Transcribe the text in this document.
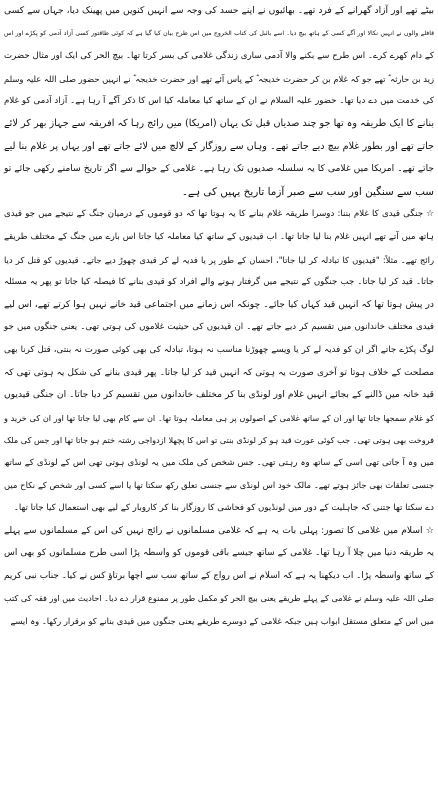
بیٹے تھے اور آزاد گھرانے کے فرد تھے۔ بھائیوں نے اپنے حسد کی وجہ سے انہیں کنویں میں پھینک دیا، جہاں سے کسی
قافلے والوں نے انہیں نکالا اور آگے کسی کے ہاتھ بیچ دیا۔ اسے بائبل کی کتاب الخروج میں اس طرح بیان کیا گیا ہے کہ کوئی طاقتور کسی آزاد آدمی کو پکڑے اور اس
کے دام کھرے کرے۔ اس طرح سے بکنے والا آدمی ساری زندگی غلامی کی بسر کرتا تھا۔ بیچ الحر کی ایک اور مثال حضرت
زید بن حارثہ ؓ تھے جو کہ غلام بن کر حضرت خدیجہ ؓ کے پاس آئے تھے اور حضرت خدیجہ ؓ نے انہیں حضور صلی اللہ علیہ وسلم
کی خدمت میں دے دیا تھا۔ حضور علیہ السلام نے ان کے ساتھ کیا معاملہ کیا اس کا ذکر آگے آ رہا ہے۔ آزاد آدمی کو غلام
بنانے کا ایک طریقہ وہ تھا جو چند صدیاں قبل تک یہاں (امریکا) میں رائج رہا کہ افریقہ سے جہاز بھر کر لائے
جاتے تھے اور بطور غلام بیچ دیے جاتے تھے۔ وہاں سے روزگار کے لالچ میں لائے جاتے تھے اور یہاں پر غلام بنا لیے
جاتے تھے۔ امریکا میں غلامی کا یہ سلسلہ صدیوں تک رہا ہے۔ غلامی کے حوالے سے اگر تاریخ سامنے رکھی جائے تو
سب سے سنگین اور سب سے صبر آزما تاریخ یہیں کی ہے۔
☆ جنگی قیدی کا غلام بننا: دوسرا طریقہ غلام بنانے کا یہ ہوتا تھا کہ دو قوموں کے درمیان جنگ کے نتیجے میں جو قیدی
ہاتھ میں آتے تھے انہیں غلام بنا لیا جاتا تھا۔ اب قیدیوں کے ساتھ کیا معاملہ کیا جاتا اس بارے میں جنگ کے مختلف طریقے
رائج تھے۔ مثلاً: "قیدیوں کا تبادلہ کر لیا جاتا"، احسان کے طور پر یا فدیہ لے کر قیدی چھوڑ دیے جاتے۔ قیدیوں کو قتل کر دیا
جاتا۔ قید کر لیا جاتا۔ جب جنگوں کے نتیجے میں گرفتار ہونے والے افراد کو قیدی بنانے کا فیصلہ کیا جاتا تو پھر یہ مسئلہ
در پیش ہوتا تھا کہ انہیں قید کہاں کیا جائے۔ چونکہ اس زمانے میں اجتماعی قید خانے نہیں ہوا کرتے تھے، اس لیے
قیدی مختلف خاندانوں میں تقسیم کر دیے جاتے تھے۔ ان قیدیوں کی حیثیت غلاموں کی ہوتی تھی۔ یعنی جنگوں میں جو
لوگ پکڑے جاتے اگر ان کو فدیہ لے کر یا ویسے چھوڑنا مناسب نہ ہوتا، تبادلہ کی بھی کوئی صورت نہ بنتی، قتل کرنا بھی
مصلحت کے خلاف ہوتا تو آخری صورت یہ ہوتی کہ انہیں قید کر لیا جاتا۔ پھر قیدی بنانے کی شکل یہ ہوتی تھی کہ
قید خانہ میں ڈالنے کے بجائے انہیں غلام اور لونڈی بنا کر مختلف خاندانوں میں تقسیم کر دیا جاتا۔ ان جنگی قیدیوں
کو غلام سمجھا جاتا تھا اور ان کے ساتھ غلامی کے اصولوں پر ہی معاملہ ہوتا تھا۔ ان سے کام بھی لیا جاتا تھا اور ان کی خرید و
فروخت بھی ہوتی تھی۔ جب کوئی عورت قید ہو کر لونڈی بنتی تو اس کا پچھلا ازدواجی رشتہ ختم ہو جاتا تھا اور جس کی ملک
میں وہ آ جاتی تھی اسی کے ساتھ وہ رہتی تھی۔ جس شخص کی ملک میں یہ لونڈی ہوتی تھی اس کے لونڈی کے ساتھ
جنسی تعلقات بھی جائز ہوتے تھے۔ مالک خود اس لونڈی سے جنسی تعلق رکھ سکتا تھا یا اسے کسی اور شخص کے نکاح میں
دے سکتا تھا جتنی کہ جاہلیت کے دور میں لونڈیوں کو فحاشی کا روزگار بنا کر کاروبار کے لیے بھی استعمال کیا جاتا تھا۔
☆ اسلام میں غلامی کا تصور: پہلی بات یہ ہے کہ غلامی مسلمانوں نے رائج نہیں کی اس کے مسلمانوں سے پہلے
یہ طریقہ دنیا میں چلا آ رہا تھا۔ غلامی کے ساتھ جیسے باقی قوموں کو واسطہ پڑا اسی طرح مسلمانوں کو بھی اس
کے ساتھ واسطہ پڑا۔ اب دیکھنا یہ ہے کہ اسلام نے اس رواج کے ساتھ سب سے اچھا برتاؤ کس نے کیا۔ جناب نبی کریم
صلی اللہ علیہ وسلم نے غلامی کے پہلے طریقے یعنی بیچ الحر کو مکمل طور پر ممنوع قرار دے دیا۔ احادیث میں اور فقہ کی کتب
میں اس کے متعلق مستقل ابواب ہیں جبکہ غلامی کے دوسرے طریقے یعنی جنگوں میں قیدی بنانے کو برقرار رکھا۔ وہ ایسے
